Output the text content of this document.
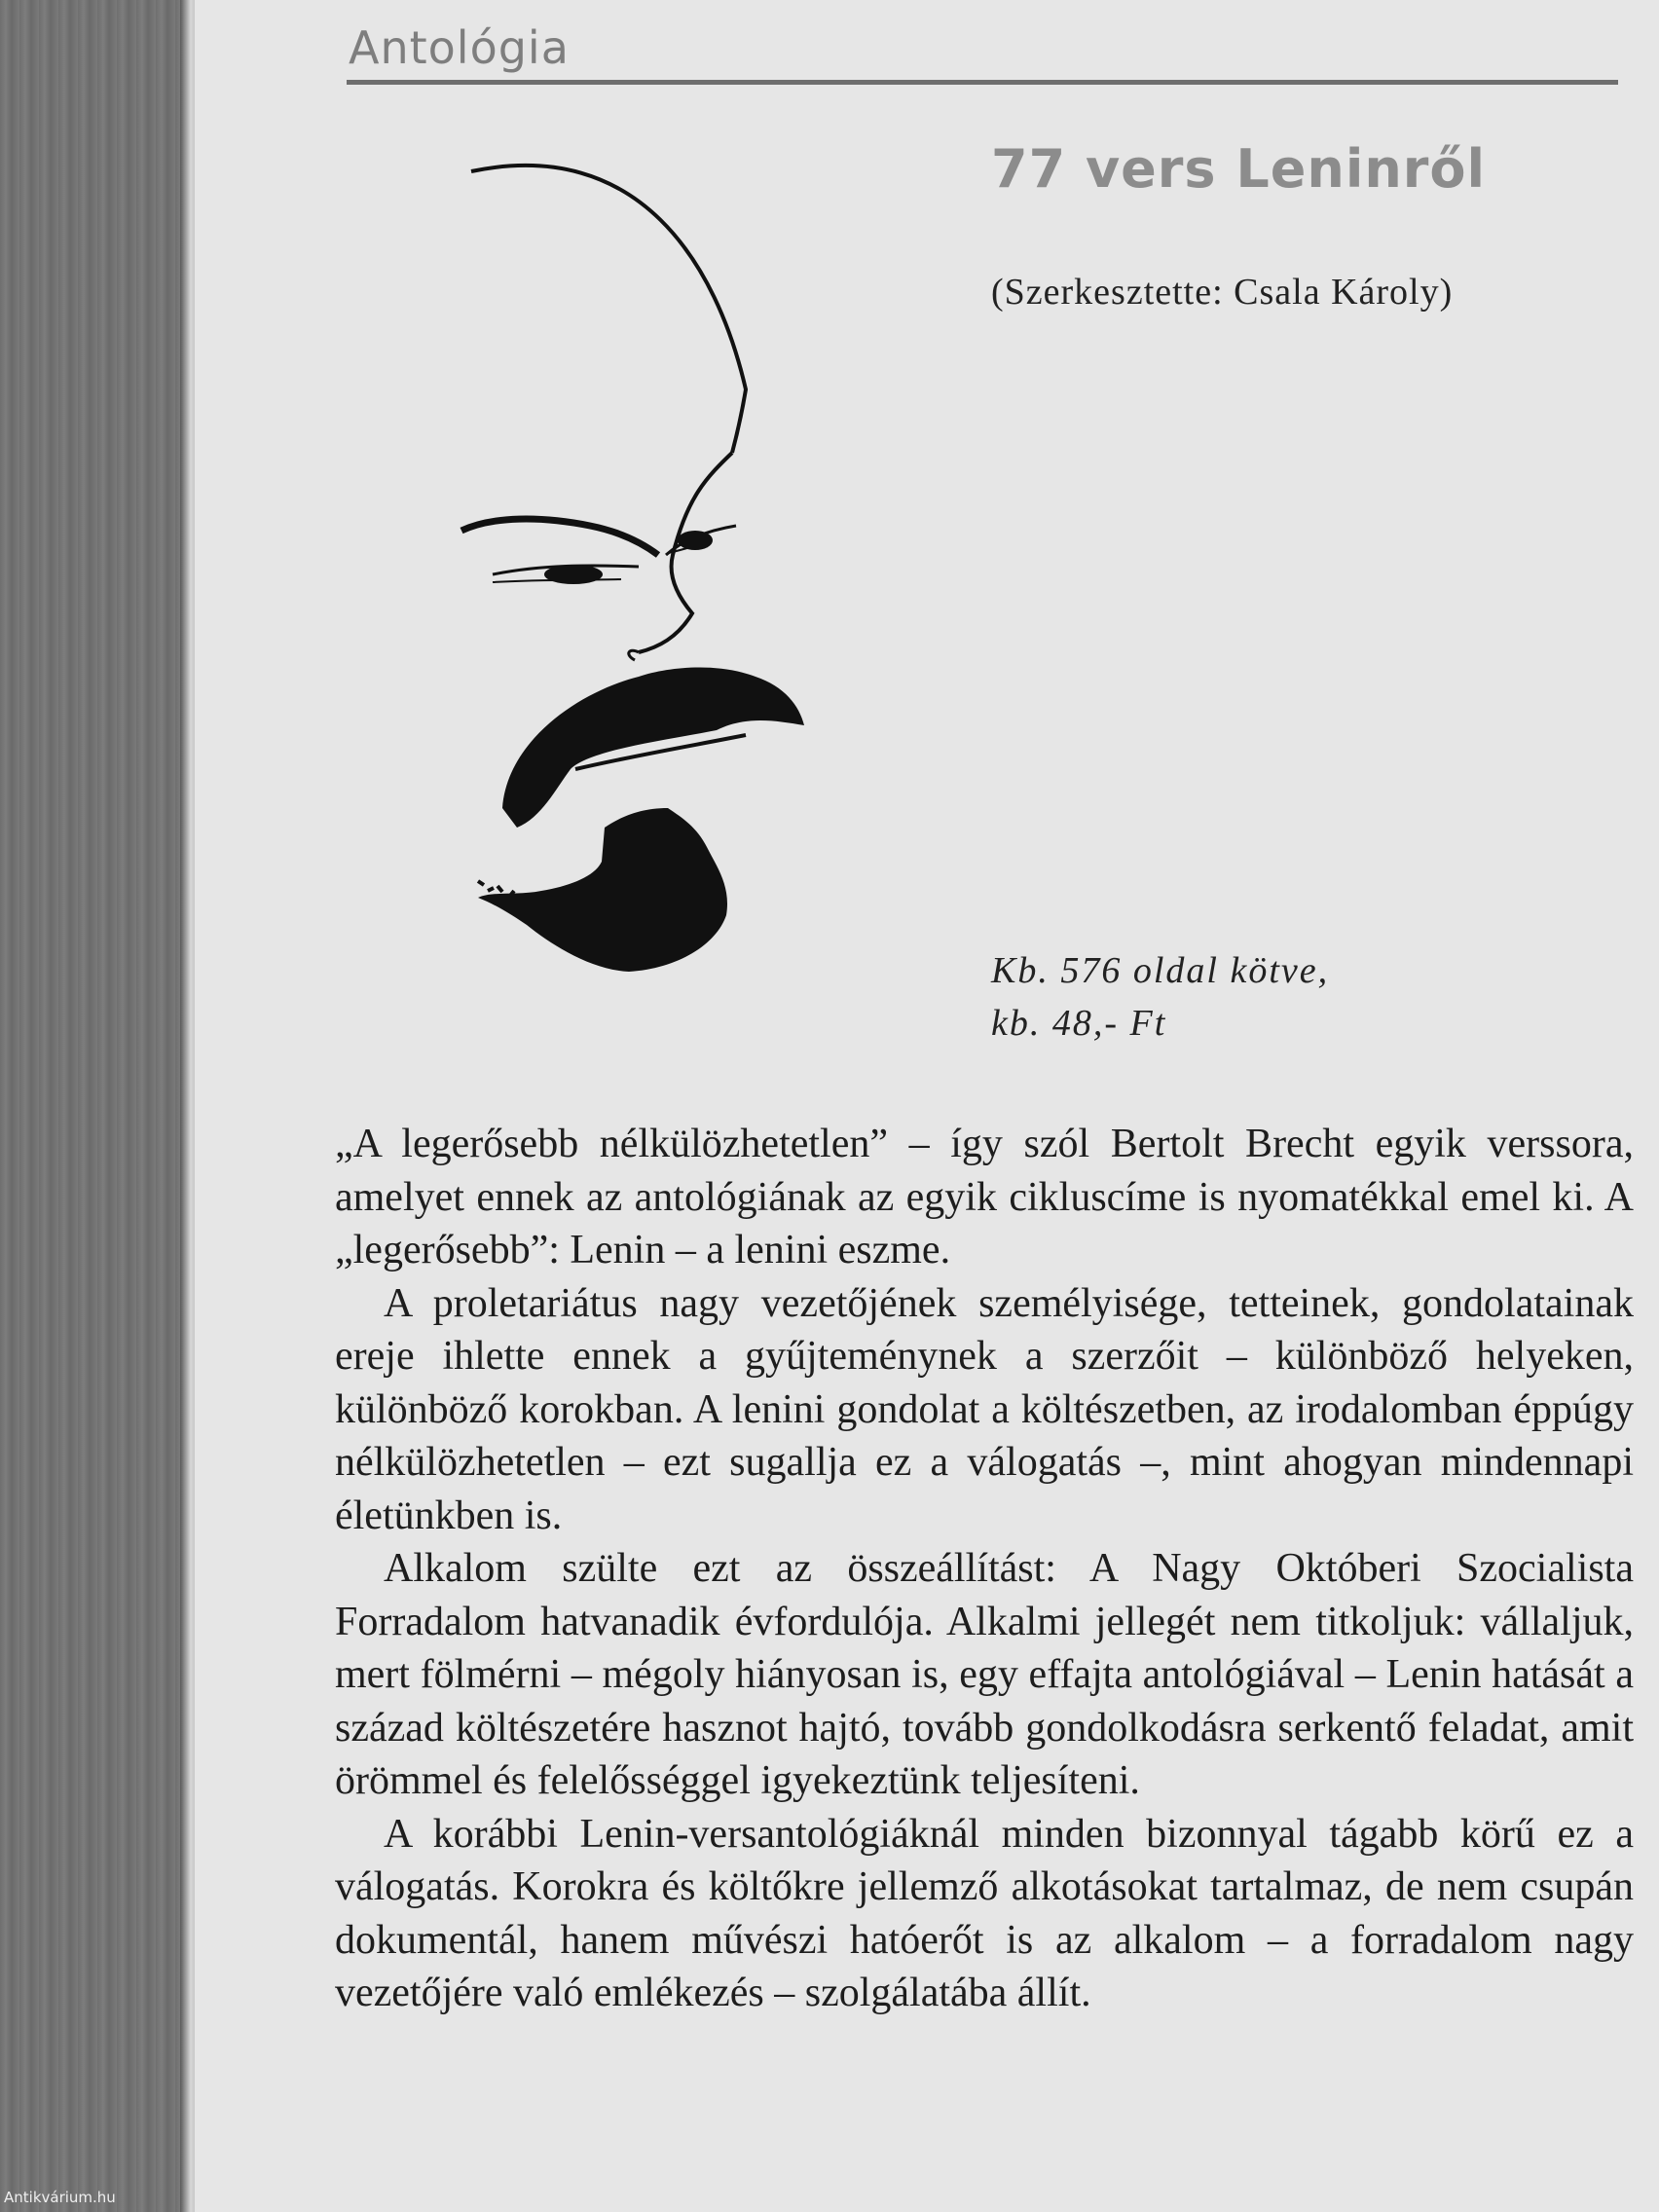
Antológia
77 vers Leninről
(Szerkesztette: Csala Károly)
Kb. 576 oldal kötve,
kb. 48,- Ft

„A legerősebb nélkülözhetetlen” – így szól Bertolt Brecht egyik verssora, amelyet ennek az antológiának az egyik cikluscíme is nyomatékkal emel ki. A „legerősebb”: Lenin – a lenini eszme.

A proletariátus nagy vezetőjének személyisége, tetteinek, gondolatainak ereje ihlette ennek a gyűjteménynek a szerzőit – különböző helyeken, különböző korokban. A lenini gondolat a költészetben, az irodalomban éppúgy nélkülözhetetlen – ezt sugallja ez a válogatás –, mint ahogyan mindennapi életünkben is.

Alkalom szülte ezt az összeállítást: A Nagy Októberi Szocialista Forradalom hatvanadik évfordulója. Alkalmi jellegét nem titkoljuk: vállaljuk, mert fölmérni – mégoly hiányosan is, egy effajta antológiával – Lenin hatását a század költészetére hasznot hajtó, tovább gondolkodásra serkentő feladat, amit örömmel és felelősséggel igyekeztünk teljesíteni.

A korábbi Lenin-versantológiáknál minden bizonnyal tágabb körű ez a válogatás. Korokra és költőkre jellemző alkotásokat tartalmaz, de nem csupán dokumentál, hanem művészi hatóerőt is az alkalom – a forradalom nagy vezetőjére való emlékezés – szolgálatába állít.

Antikvárium.hu
